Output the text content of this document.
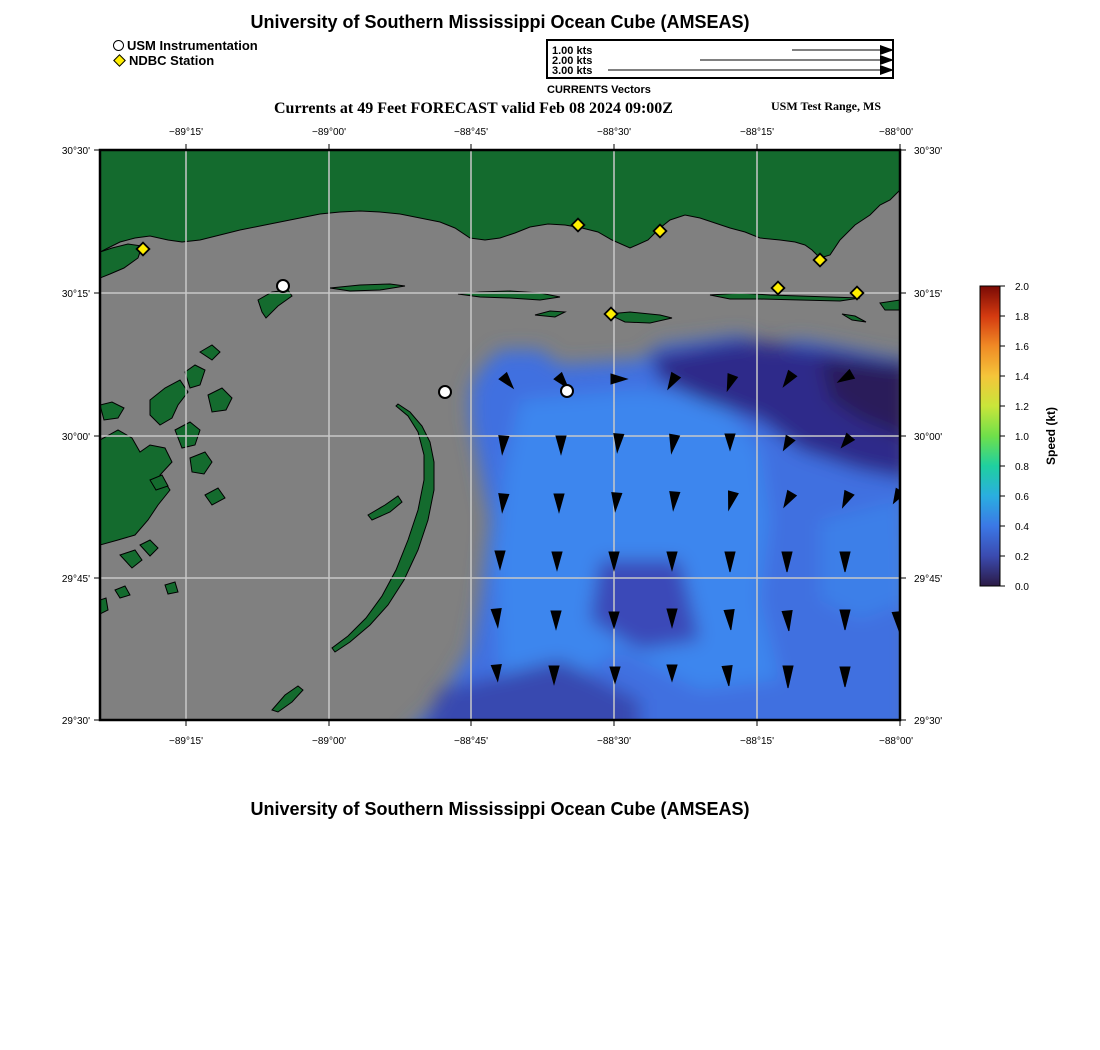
University of Southern Mississippi Ocean Cube (AMSEAS)
USM Instrumentation
NDBC Station
1.00 kts
2.00 kts
3.00 kts
CURRENTS Vectors
Currents at 49 Feet FORECAST valid Feb 08 2024 09:00Z	USM Test Range, MS
−89°15'	−89°00'	−88°45'	−88°30'	−88°15'	−88°00'
−89°15'	−89°00'	−88°45'	−88°30'	−88°15'	−88°00'
30°30'
30°15'
30°00'
29°45'
29°30'
30°30'
30°15'
30°00'
29°45'
29°30'
2.0
1.8
1.6
1.4
1.2
1.0
0.8
0.6
0.4
0.2
0.0
Speed (kt)
University of Southern Mississippi Ocean Cube (AMSEAS)
